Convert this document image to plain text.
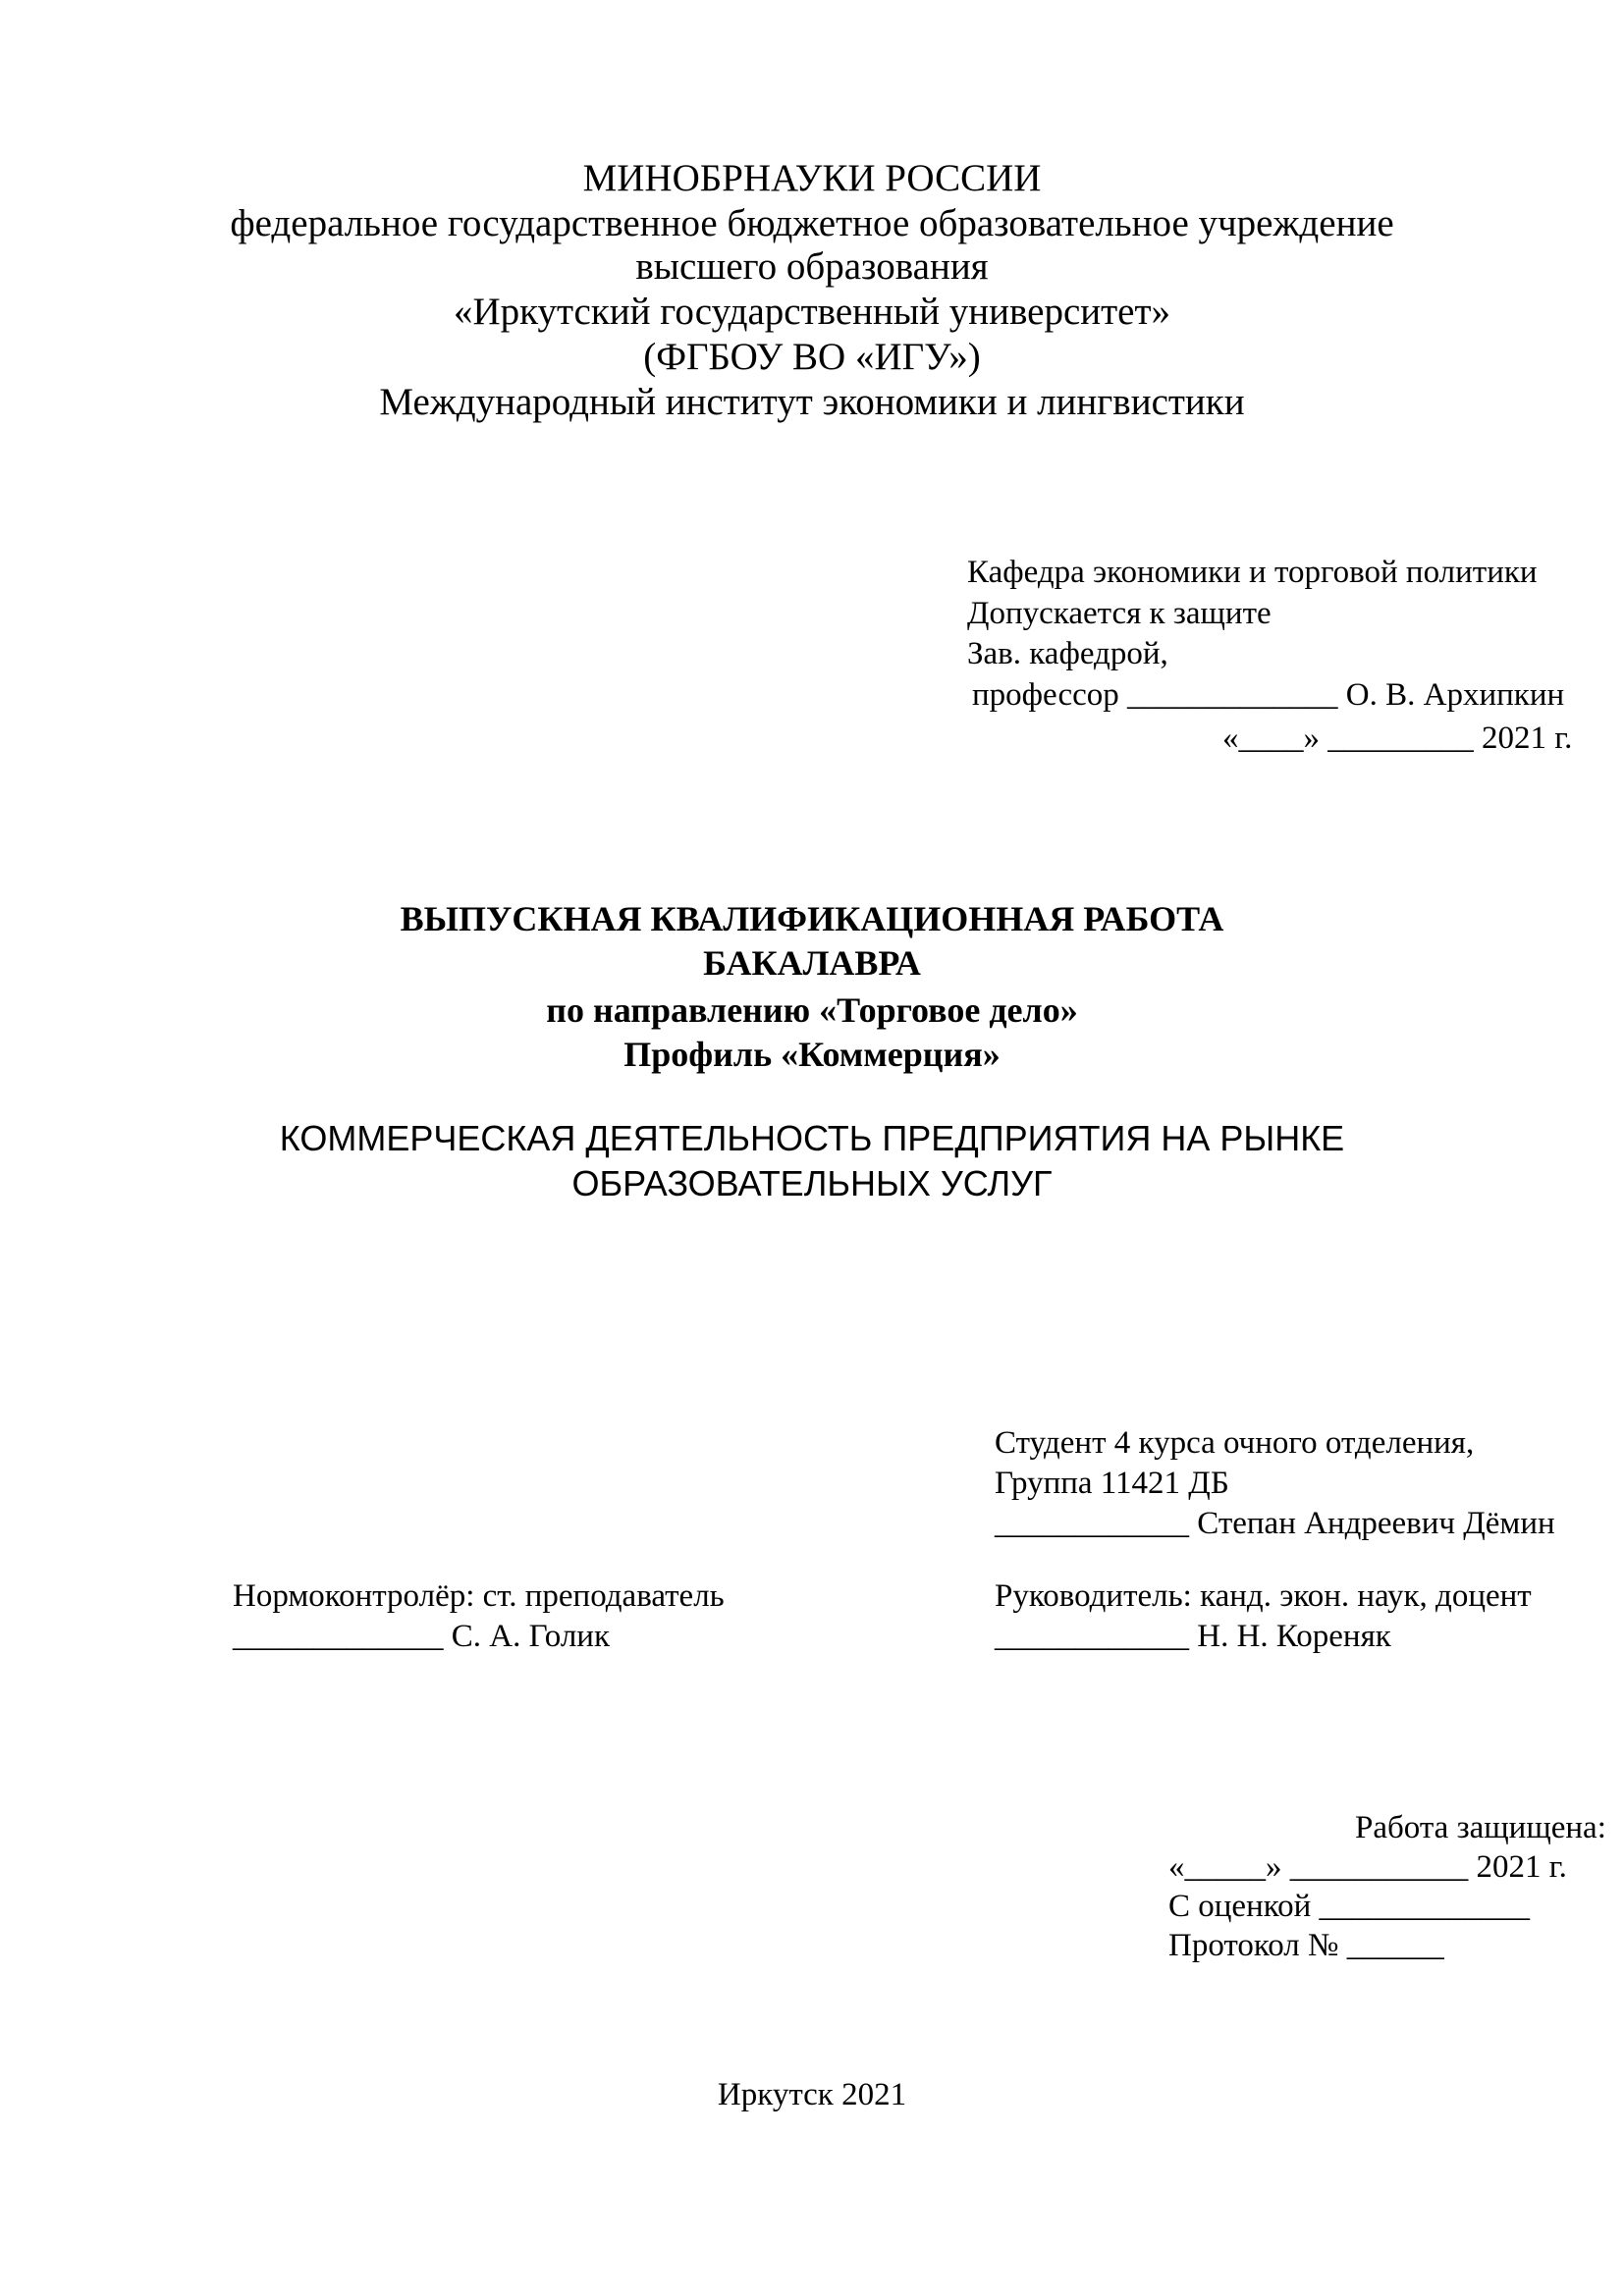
МИНОБРНАУКИ РОССИИ
федеральное государственное бюджетное образовательное учреждение
высшего образования
«Иркутский государственный университет»
(ФГБОУ ВО «ИГУ»)
Международный институт экономики и лингвистики
Кафедра экономики и торговой политики
Допускается к защите
Зав. кафедрой,
профессор _____________ О. В. Архипкин
«____» _________ 2021 г.
ВЫПУСКНАЯ КВАЛИФИКАЦИОННАЯ РАБОТА
БАКАЛАВРА
по направлению «Торговое дело»
Профиль «Коммерция»
КОММЕРЧЕСКАЯ ДЕЯТЕЛЬНОСТЬ ПРЕДПРИЯТИЯ НА РЫНКЕ
ОБРАЗОВАТЕЛЬНЫХ УСЛУГ
Студент 4 курса очного отделения,
Группа 11421 ДБ
____________ Степан Андреевич Дёмин
Нормоконтролёр: ст. преподаватель
_____________ С. А. Голик
Руководитель: канд. экон. наук, доцент
____________ Н. Н. Кореняк
Работа защищена:
«_____» ___________ 2021 г.
С оценкой _____________
Протокол № ______
Иркутск 2021
